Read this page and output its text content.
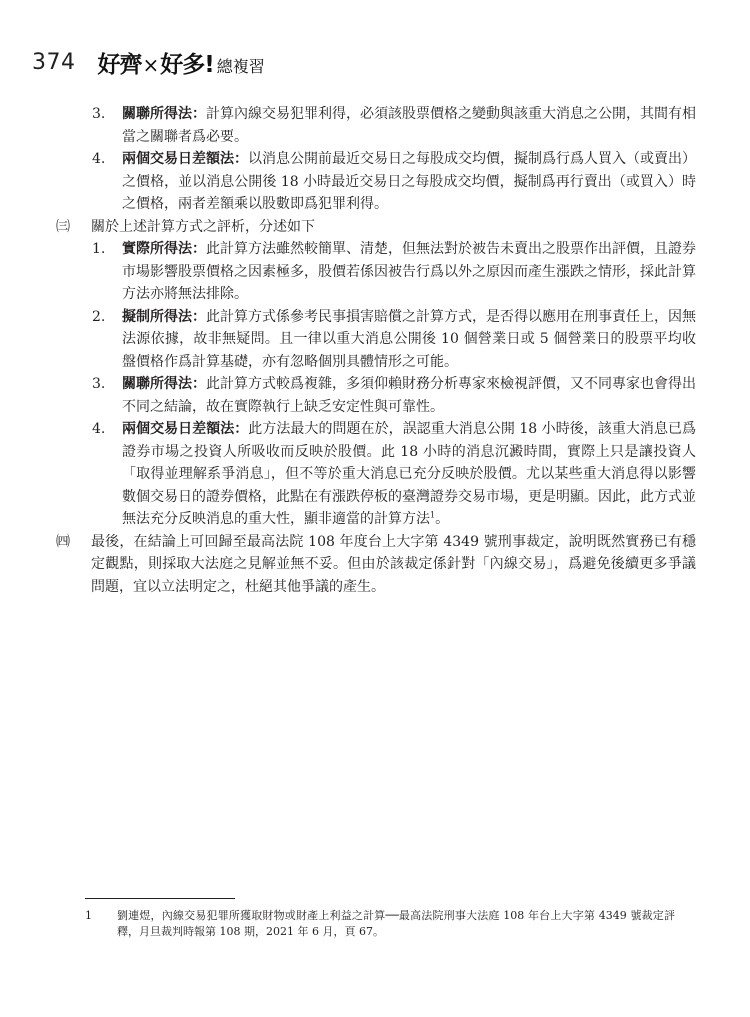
374 好齊 × 好多! 總複習

3.	關聯所得法：計算內線交易犯罪利得，必須該股票價格之變動與該重大消息之公開，其間有相當之關聯者爲必要。

4.	兩個交易日差額法：以消息公開前最近交易日之每股成交均價，擬制爲行爲人買入（或賣出）之價格，並以消息公開後 18 小時最近交易日之每股成交均價，擬制爲再行賣出（或買入）時之價格，兩者差額乘以股數即爲犯罪利得。

㈢	關於上述計算方式之評析，分述如下

1.	實際所得法：此計算方法雖然較簡單、清楚，但無法對於被告未賣出之股票作出評價，且證券市場影響股票價格之因素極多，股價若係因被告行爲以外之原因而產生漲跌之情形，採此計算方法亦將無法排除。

2.	擬制所得法：此計算方式係參考民事損害賠償之計算方式，是否得以應用在刑事責任上，因無法源依據，故非無疑問。且一律以重大消息公開後 10 個營業日或 5 個營業日的股票平均收盤價格作爲計算基礎，亦有忽略個別具體情形之可能。

3.	關聯所得法：此計算方式較爲複雜，多須仰賴財務分析專家來檢視評價，又不同專家也會得出不同之結論，故在實際執行上缺乏安定性與可靠性。

4.	兩個交易日差額法：此方法最大的問題在於，誤認重大消息公開 18 小時後，該重大消息已爲證券市場之投資人所吸收而反映於股價。此 18 小時的消息沉澱時間，實際上只是讓投資人「取得並理解系爭消息」，但不等於重大消息已充分反映於股價。尤以某些重大消息得以影響數個交易日的證券價格，此點在有漲跌停板的臺灣證券交易市場，更是明顯。因此，此方式並無法充分反映消息的重大性，顯非適當的計算方法$^1$。

㈣	最後，在結論上可回歸至最高法院 108 年度台上大字第 4349 號刑事裁定，說明既然實務已有穩定觀點，則採取大法庭之見解並無不妥。但由於該裁定係針對「內線交易」，爲避免後續更多爭議問題，宜以立法明定之，杜絕其他爭議的產生。

1	劉連煜，內線交易犯罪所獲取財物或財產上利益之計算──最高法院刑事大法庭 108 年台上大字第 4349 號裁定評釋，月旦裁判時報第 108 期，2021 年 6 月，頁 67。
